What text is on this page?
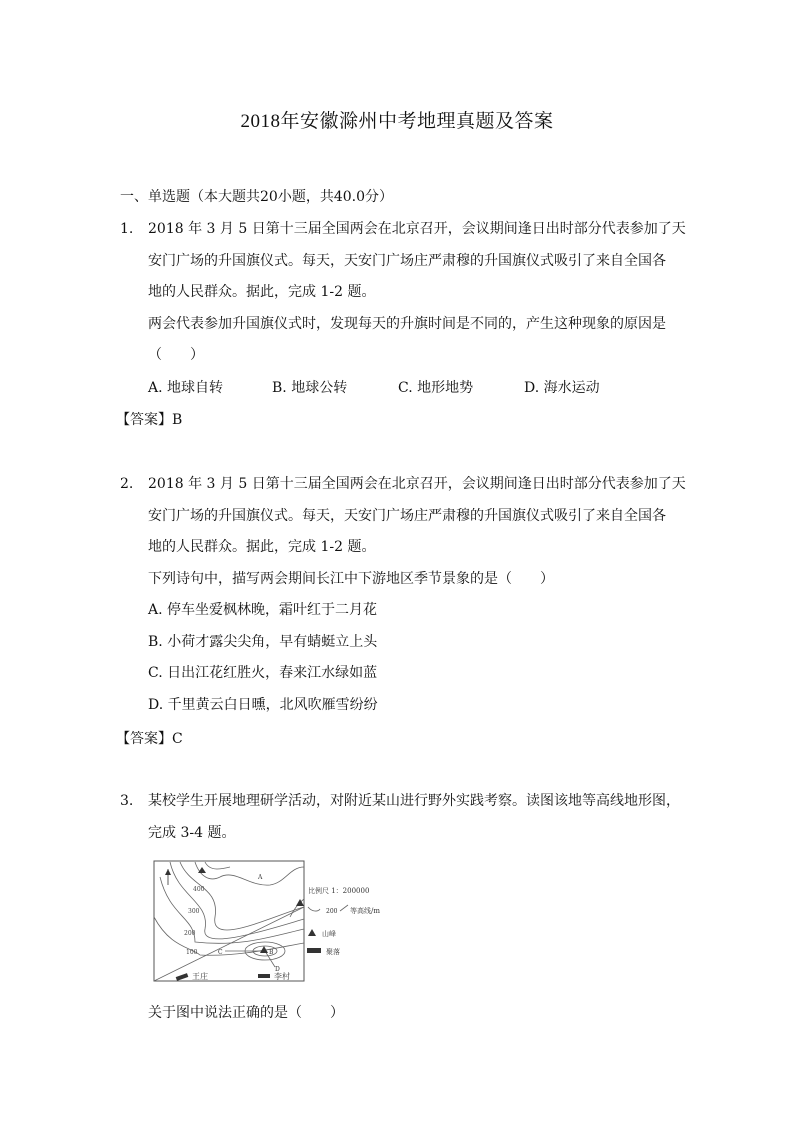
2018年安徽滁州中考地理真题及答案
一、单选题（本大题共20小题，共40.0分）
1. 2018 年 3 月 5 日第十三届全国两会在北京召开，会议期间逢日出时部分代表参加了天
安门广场的升国旗仪式。每天，天安门广场庄严肃穆的升国旗仪式吸引了来自全国各
地的人民群众。据此，完成 1-2 题。
两会代表参加升国旗仪式时，发现每天的升旗时间是不同的，产生这种现象的原因是
（　　）
A. 地球自转	B. 地球公转	C. 地形地势	D. 海水运动
【答案】B
2. 2018 年 3 月 5 日第十三届全国两会在北京召开，会议期间逢日出时部分代表参加了天
安门广场的升国旗仪式。每天，天安门广场庄严肃穆的升国旗仪式吸引了来自全国各
地的人民群众。据此，完成 1-2 题。
下列诗句中，描写两会期间长江中下游地区季节景象的是（　　）
A. 停车坐爱枫林晚，霜叶红于二月花
B. 小荷才露尖尖角，早有蜻蜓立上头
C. 日出江花红胜火，春来江水绿如蓝
D. 千里黄云白日曛，北风吹雁雪纷纷
【答案】C
3. 某校学生开展地理研学活动，对附近某山进行野外实践考察。读图该地等高线地形图，
完成 3-4 题。
400
300
200
100
A
B
C
D
王庄	李村
比例尺 1：200000
200 等高线/m
山峰
聚落
关于图中说法正确的是（　　）
